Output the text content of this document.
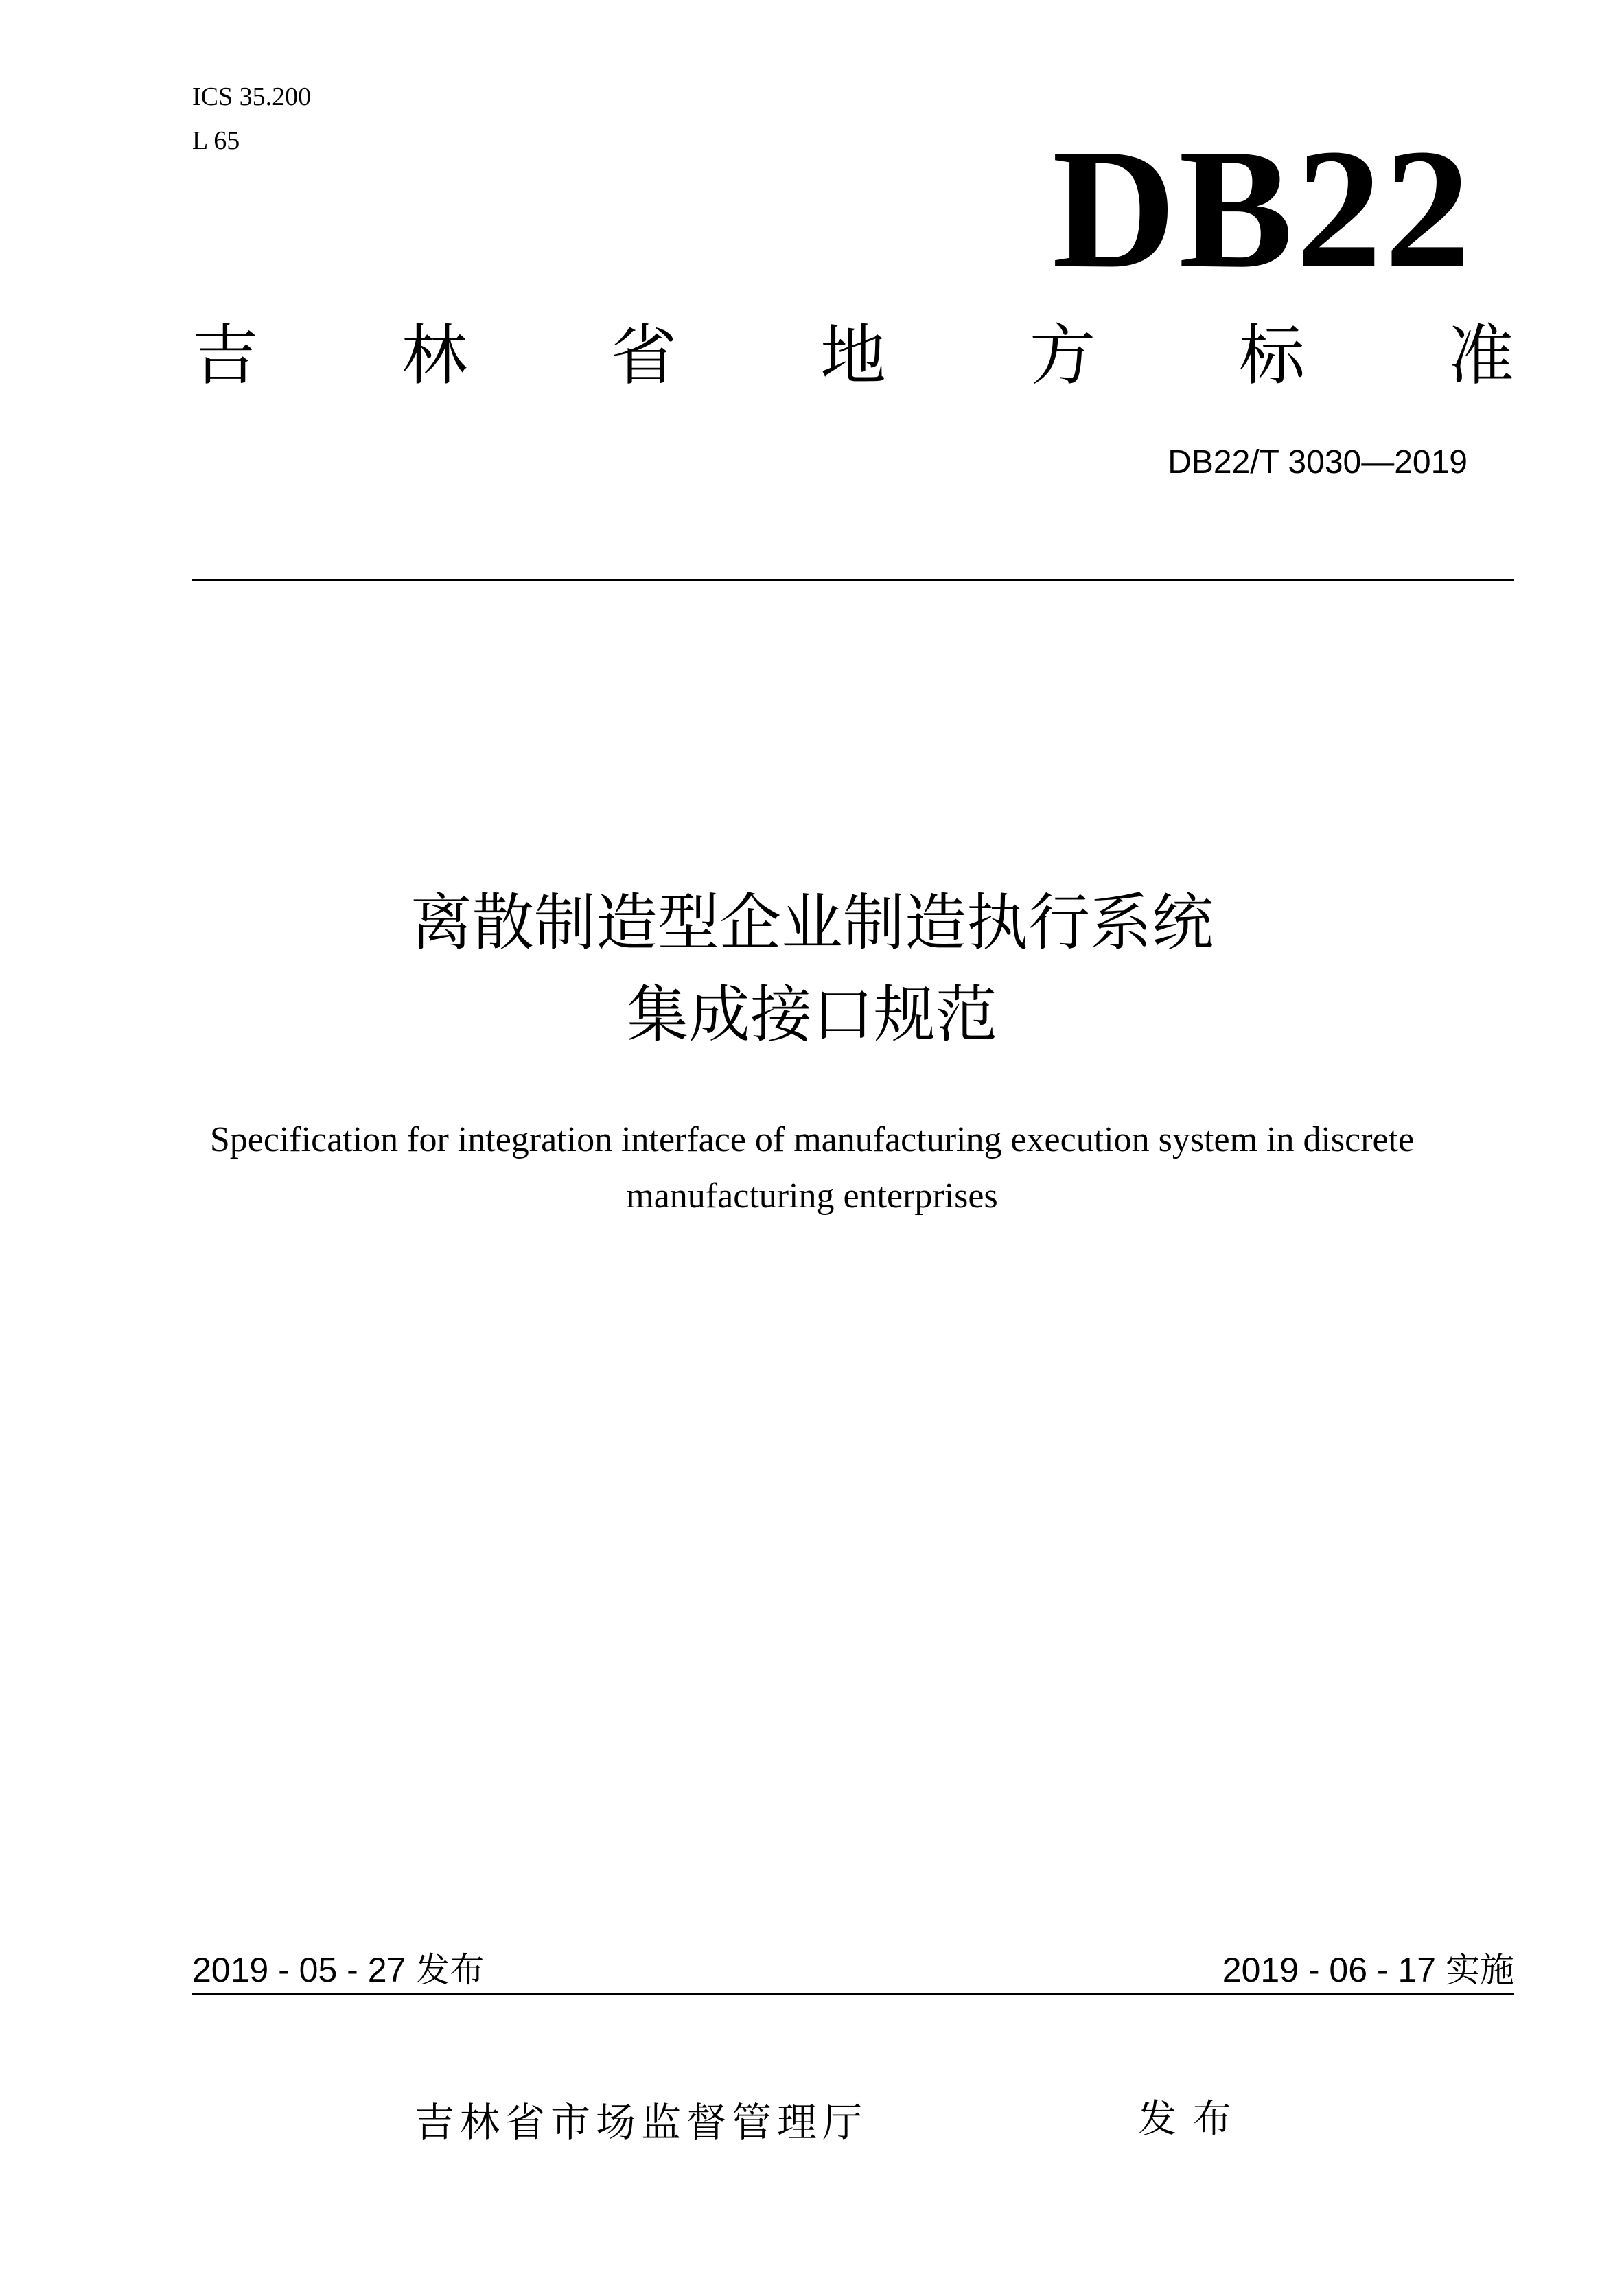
ICS 35.200
L 65	DB22
吉 林 省 地 方 标 准
DB22/T 3030—2019
离散制造型企业制造执行系统
集成接口规范
Specification for integration interface of manufacturing execution system in discrete
manufacturing enterprises
2019 - 05 - 27 发布	2019 - 06 - 17 实施
吉林省市场监督管理厅	发布
